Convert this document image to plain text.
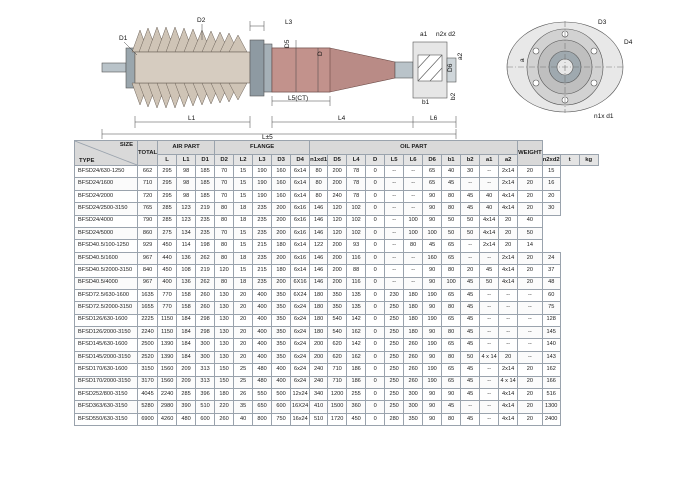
D1
D2	L3
D5
D
L1	L4	L6
L±5
L5(CT)
a1 n2x d2
a2
D6
b1
b2
D3
D4
n1x d1
a
SIZE
TYPE	TOTAL	AIR PART			FLANGE					OIL PART											WEIGHT			
		L	L1	D1	D2	L2	L3	D3	D4	n1xd1	D5	L4	D	L5	L6	D6	b1	b2	a1	a2		n2xd2	t	kg
BFSD24/630-1250	662	295	98	185	70	15	190	160	6x14	80	200	78	0	--	--	65	40	30	--	2x14	20	15		
BFSD24/1600	710	295	98	185	70	15	190	160	6x14	80	200	78	0	--	--	65	45	--	--	2x14	20	16		
BFSD24/2000	720	295	98	185	70	15	190	160	6x14	80	240	78	0	--	--	90	80	45	40	4x14	20	20		
BFSD24/2500-3150	765	285	123	219	80	18	235	200	6x16	146	120	102	0	--	--	90	80	45	40	4x14	20	30		
BFSD24/4000	790	285	123	235	80	18	235	200	6x16	146	120	102	0	--	100	90	50	50	4x14	20	40			
BFSD24/5000	860	275	134	235	70	15	235	200	6x16	146	120	102	0	--	100	100	50	50	4x14	20	50			
BFSD40.5/100-1250	929	450	114	198	80	15	215	180	6x14	122	200	93	0	--	80	45	65	--	2x14	20	14			
BFSD40.5/1600	967	440	136	262	80	18	235	200	6x16	146	200	116	0	--	--	160	65	--	--	2x14	20	24		
BFSD40.5/2000-3150	840	450	108	219	120	15	215	180	6x14	146	200	88	0	--	--	90	80	20	45	4x14	20	37		
BFSD40.5/4000	967	400	136	262	80	18	235	200	6X16	146	200	116	0	--	--	90	100	45	50	4x14	20	48		
BFSD72.5/630-1600	1635	770	158	260	130	20	400	350	6X24	180	350	135	0	230	180	190	65	45	--	--	--	60		
BFSD72.5/2000-3150	1655	770	158	260	130	20	400	350	6x24	180	350	135	0	250	180	90	80	45	--	--	--	75		
BFSD126/630-1600	2225	1150	184	298	130	20	400	350	6x24	180	540	142	0	250	180	190	65	45	--	--	--	128		
BFSD126/2000-3150	2240	1150	184	298	130	20	400	350	6x24	180	540	162	0	250	180	90	80	45	--	--	--	145		
BFSD145/630-1600	2500	1390	184	300	130	20	400	350	6x24	200	620	142	0	250	260	190	65	45	--	--	--	140		
BFSD145/2000-3150	2520	1390	184	300	130	20	400	350	6x24	200	620	162	0	250	260	90	80	50	4 x 14	20	--	143		
BFSD170/630-1600	3150	1560	209	313	150	25	480	400	6x24	240	710	186	0	250	260	190	65	45	--	2x14	20	162		
BFSD170/2000-3150	3170	1560	209	313	150	25	480	400	6x24	240	710	186	0	250	260	190	65	45	--	4 x 14	20	166		
BFSD252/800-3150	4045	2240	285	396	180	26	550	500	12x24	340	1200	255	0	250	300	90	90	45	--	4x14	20	516		
BFSD363/630-3150	5280	2980	390	510	220	35	650	600	16X24	410	1500	360	0	250	300	90	45	--	--	4x14	20	1300		
BFSD550/630-3150	6900	4260	480	600	260	40	800	750	16x24	510	1720	450	0	280	350	90	80	45	--	4x14	20	2400		
